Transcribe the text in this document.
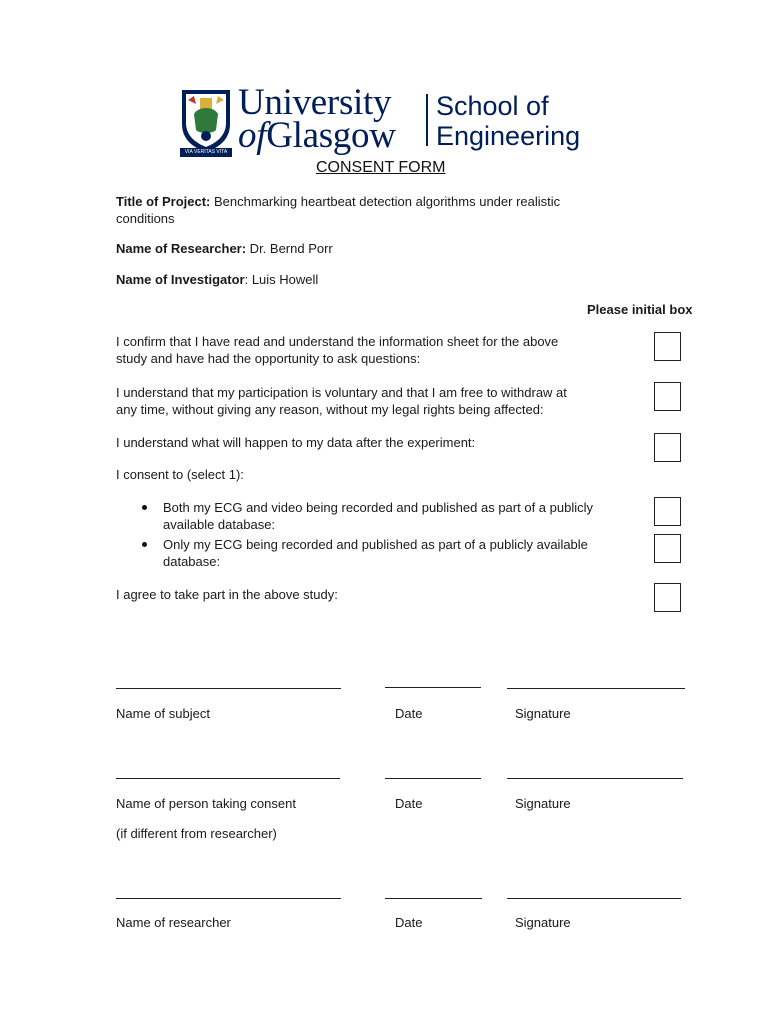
VIA VERITAS VITA
University
ofGlasgow
School of
Engineering
CONSENT FORM
Title of Project: Benchmarking heartbeat detection algorithms under realistic
conditions
Name of Researcher: Dr. Bernd Porr
Name of Investigator: Luis Howell
Please initial box
I confirm that I have read and understand the information sheet for the above
study and have had the opportunity to ask questions:
I understand that my participation is voluntary and that I am free to withdraw at
any time, without giving any reason, without my legal rights being affected:
I understand what will happen to my data after the experiment:
I consent to (select 1):
Both my ECG and video being recorded and published as part of a publicly
available database:
Only my ECG being recorded and published as part of a publicly available
database:
I agree to take part in the above study:
Name of subject	Date	Signature
Name of person taking consent	Date	Signature
(if different from researcher)
Name of researcher	Date	Signature
